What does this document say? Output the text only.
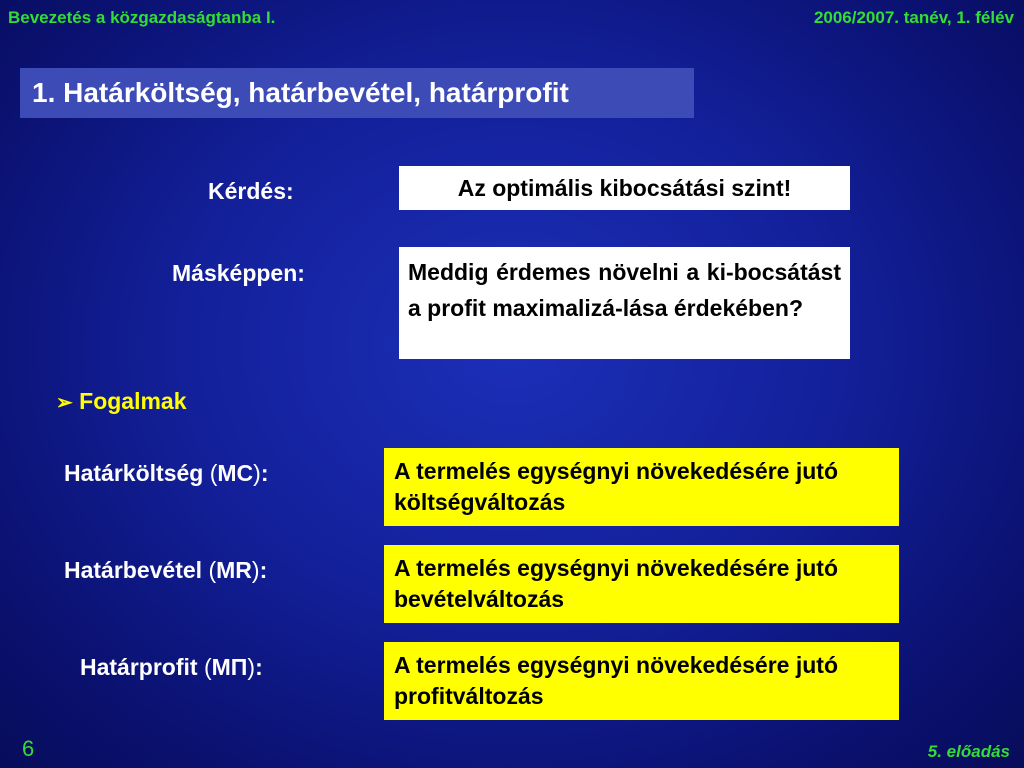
Bevezetés a közgazdaságtanba I.	2006/2007. tanév, 1. félév
1. Határköltség, határbevétel, határprofit
Kérdés:	Az optimális kibocsátási szint!
Másképpen:	Meddig érdemes növelni a ki-bocsátást a profit maximalizá-lása érdekében?
➢ Fogalmak
Határköltség (MC):	A termelés egységnyi növekedésére jutó költségváltozás
Határbevétel (MR):	A termelés egységnyi növekedésére jutó bevételváltozás
Határprofit (MΠ):	A termelés egységnyi növekedésére jutó profitváltozás
6	5. előadás
